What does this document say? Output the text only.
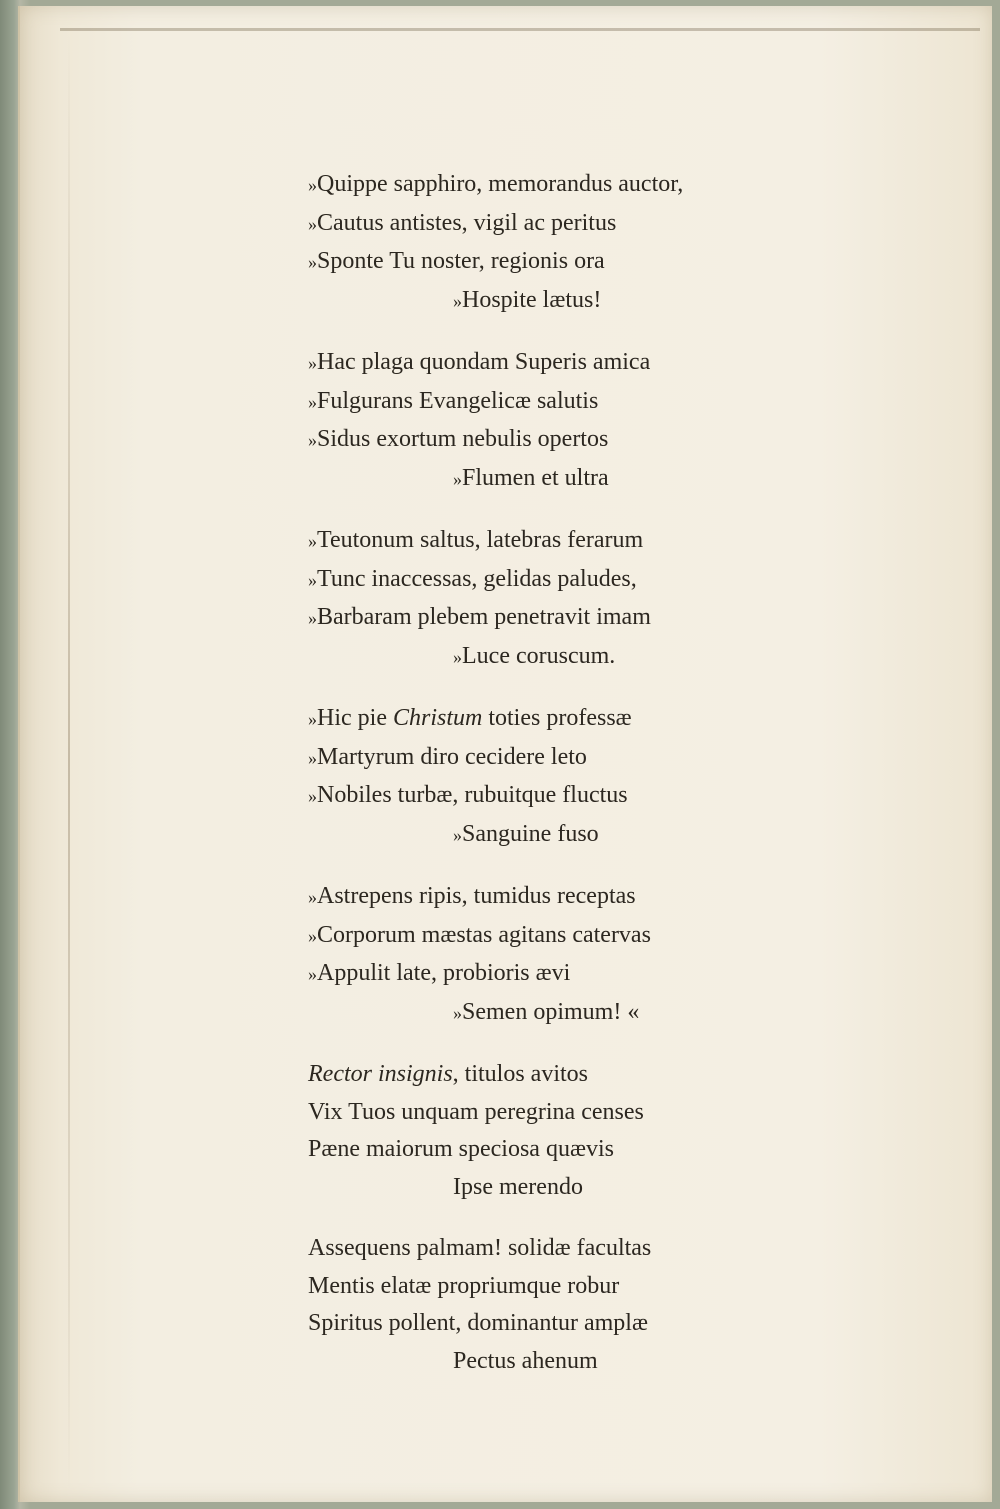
»Quippe sapphiro, memorandus auctor,
»Cautus antistes, vigil ac peritus
»Sponte Tu noster, regionis ora
»Hospite lætus!
»Hac plaga quondam Superis amica
»Fulgurans Evangelicæ salutis
»Sidus exortum nebulis opertos
»Flumen et ultra
»Teutonum saltus, latebras ferarum
»Tunc inaccessas, gelidas paludes,
»Barbaram plebem penetravit imam
»Luce coruscum.
»Hic pie Christum toties professæ
»Martyrum diro cecidere leto
»Nobiles turbæ, rubuitque fluctus
»Sanguine fuso
»Astrepens ripis, tumidus receptas
»Corporum mæstas agitans catervas
»Appulit late, probioris ævi
»Semen opimum! «
Rector insignis, titulos avitos
Vix Tuos unquam peregrina censes
Pæne maiorum speciosa quævis
Ipse merendo
Assequens palmam! solidæ facultas
Mentis elatæ propriumque robur
Spiritus pollent, dominantur amplæ
Pectus ahenum
